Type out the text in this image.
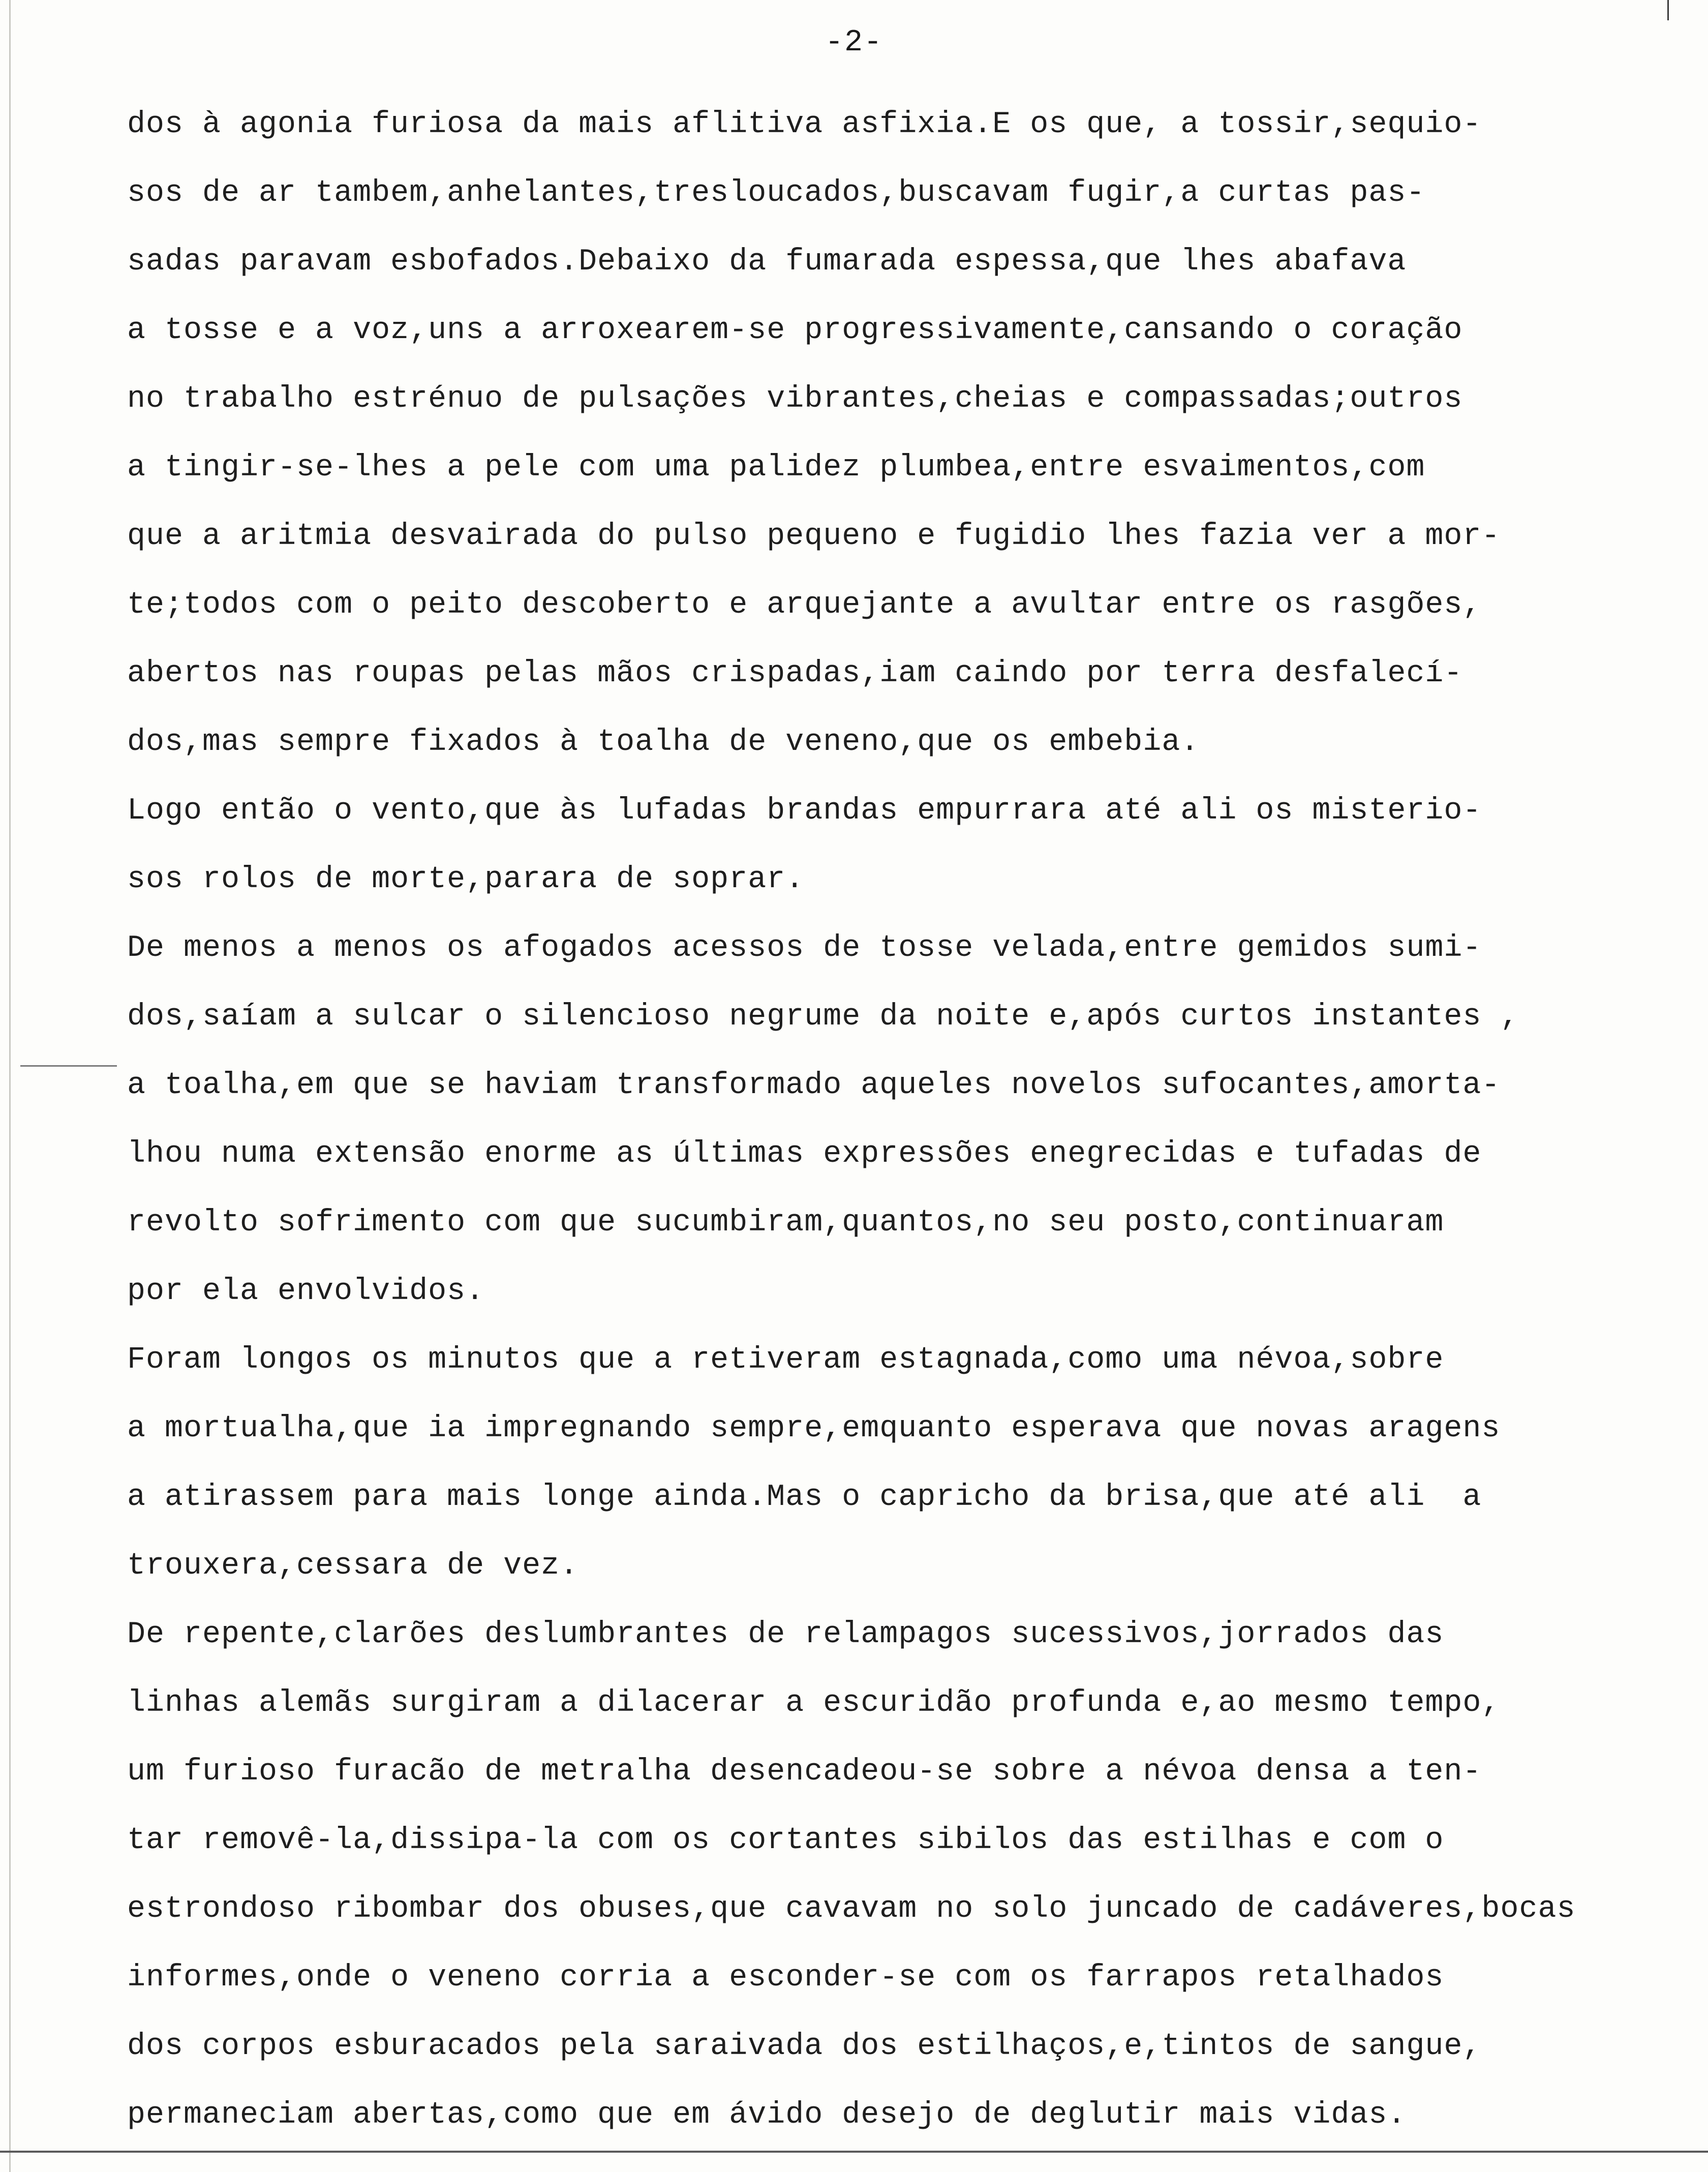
-2-
dos à agonia furiosa da mais aflitiva asfixia.E os que, a tossir,sequio-
sos de ar tambem,anhelantes,tresloucados,buscavam fugir,a curtas pas-
sadas paravam esbofados.Debaixo da fumarada espessa,que lhes abafava
a tosse e a voz,uns a arroxearem-se progressivamente,cansando o coração
no trabalho estrénuo de pulsações vibrantes,cheias e compassadas;outros
a tingir-se-lhes a pele com uma palidez plumbea,entre esvaimentos,com
que a aritmia desvairada do pulso pequeno e fugidio lhes fazia ver a mor-
te;todos com o peito descoberto e arquejante a avultar entre os rasgões,
abertos nas roupas pelas mãos crispadas,iam caindo por terra desfalecí-
dos,mas sempre fixados à toalha de veneno,que os embebia.
Logo então o vento,que às lufadas brandas empurrara até ali os misterio-
sos rolos de morte,parara de soprar.
De menos a menos os afogados acessos de tosse velada,entre gemidos sumi-
dos,saíam a sulcar o silencioso negrume da noite e,após curtos instantes ,
a toalha,em que se haviam transformado aqueles novelos sufocantes,amorta-
lhou numa extensão enorme as últimas expressões enegrecidas e tufadas de
revolto sofrimento com que sucumbiram,quantos,no seu posto,continuaram
por ela envolvidos.
Foram longos os minutos que a retiveram estagnada,como uma névoa,sobre
a mortualha,que ia impregnando sempre,emquanto esperava que novas aragens
a atirassem para mais longe ainda.Mas o capricho da brisa,que até ali  a
trouxera,cessara de vez.
De repente,clarões deslumbrantes de relampagos sucessivos,jorrados das
linhas alemãs surgiram a dilacerar a escuridão profunda e,ao mesmo tempo,
um furioso furacão de metralha desencadeou-se sobre a névoa densa a ten-
tar removê-la,dissipa-la com os cortantes sibilos das estilhas e com o
estrondoso ribombar dos obuses,que cavavam no solo juncado de cadáveres,bocas
informes,onde o veneno corria a esconder-se com os farrapos retalhados
dos corpos esburacados pela saraivada dos estilhaços,e,tintos de sangue,
permaneciam abertas,como que em ávido desejo de deglutir mais vidas.
